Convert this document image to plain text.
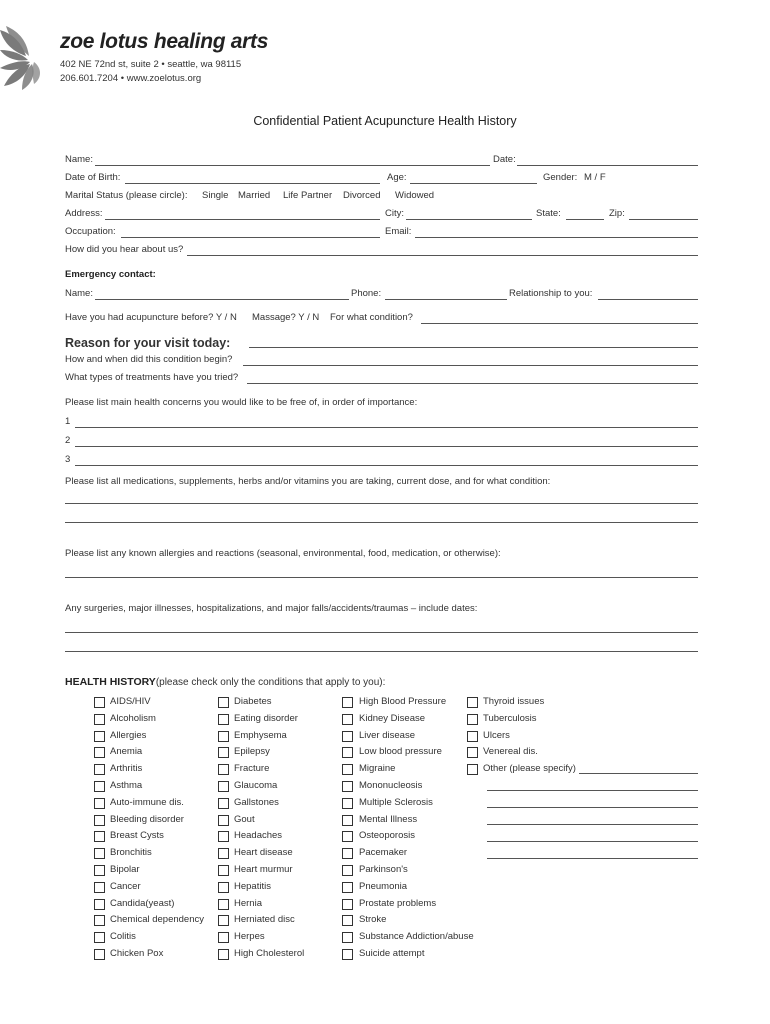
zoe lotus healing arts
402 NE 72nd st, suite 2 • seattle, wa 98115
206.601.7204 • www.zoelotus.org
Confidential Patient Acupuncture Health History
Name:	Date:
Date of Birth:	Age:	Gender: M / F
Marital Status (please circle): Single Married Life Partner Divorced Widowed
Address:	City:	State:	Zip:
Occupation:	Email:
How did you hear about us?
Emergency contact:
Name:	Phone:	Relationship to you:
Have you had acupuncture before? Y / N Massage? Y / N For what condition?
Reason for your visit today:
How and when did this condition begin?
What types of treatments have you tried?
Please list main health concerns you would like to be free of, in order of importance:
1
2
3
Please list all medications, supplements, herbs and/or vitamins you are taking, current dose, and for what condition:
Please list any known allergies and reactions (seasonal, environmental, food, medication, or otherwise):
Any surgeries, major illnesses, hospitalizations, and major falls/accidents/traumas – include dates:
HEALTH HISTORY(please check only the conditions that apply to you):
AIDS/HIV
Alcoholism
Allergies
Anemia
Arthritis
Asthma
Auto-immune dis.
Bleeding disorder
Breast Cysts
Bronchitis
Bipolar
Cancer
Candida(yeast)
Chemical dependency
Colitis
Chicken Pox
Diabetes
Eating disorder
Emphysema
Epilepsy
Fracture
Glaucoma
Gallstones
Gout
Headaches
Heart disease
Heart murmur
Hepatitis
Hernia
Herniated disc
Herpes
High Cholesterol
High Blood Pressure
Kidney Disease
Liver disease
Low blood pressure
Migraine
Mononucleosis
Multiple Sclerosis
Mental Illness
Osteoporosis
Pacemaker
Parkinson's
Pneumonia
Prostate problems
Stroke
Substance Addiction/abuse
Suicide attempt
Thyroid issues
Tuberculosis
Ulcers
Venereal dis.
Other (please specify)
